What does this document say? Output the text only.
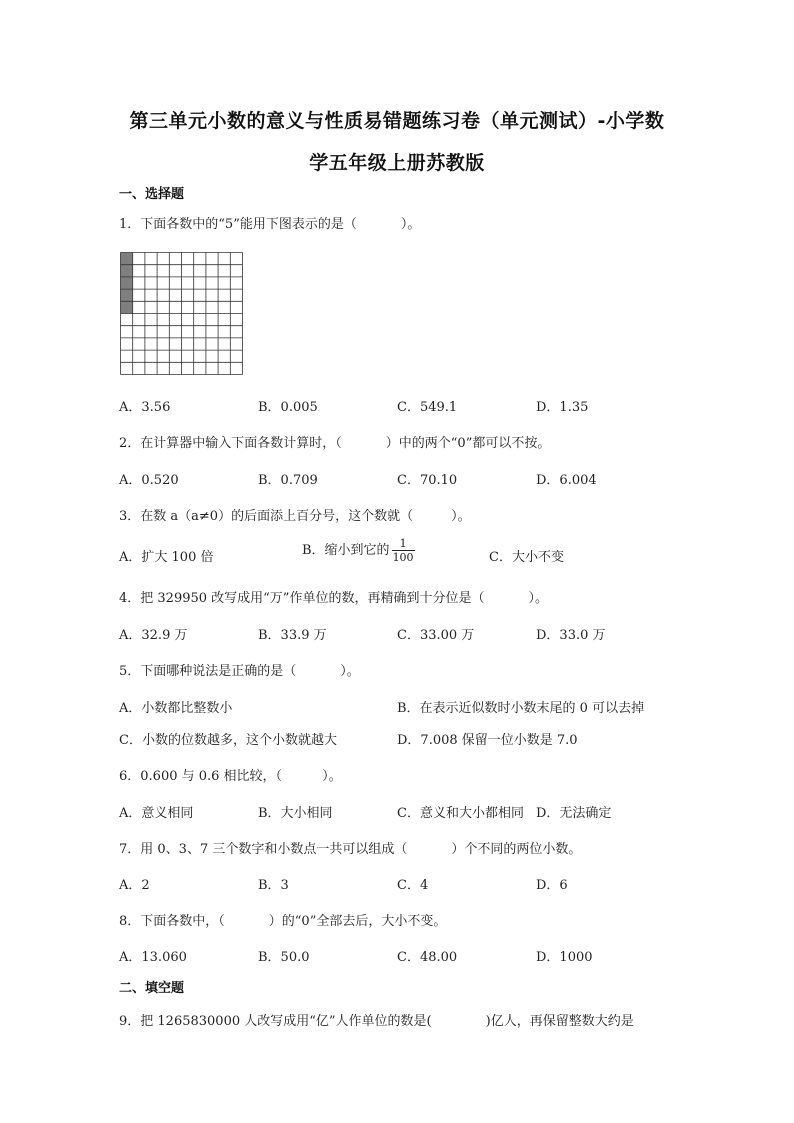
第三单元小数的意义与性质易错题练习卷（单元测试）-小学数
学五年级上册苏教版
一、选择题
1．下面各数中的“5”能用下图表示的是（	）。
A．3.56	B．0.005	C．549.1	D．1.35
2．在计算器中输入下面各数计算时，（	）中的两个“0”都可以不按。
A．0.520	B．0.709	C．70.10	D．6.004
3．在数 a（a≠0）的后面添上百分号，这个数就（	）。
A．扩大 100 倍	B．缩小到它的 $\frac{1}{100}$	C．大小不变
4．把 329950 改写成用“万”作单位的数，再精确到十分位是（	）。
A．32.9 万	B．33.9 万	C．33.00 万	D．33.0 万
5．下面哪种说法是正确的是（	）。
A．小数都比整数小	B．在表示近似数时小数末尾的 0 可以去掉
C．小数的位数越多，这个小数就越大	D．7.008 保留一位小数是 7.0
6．0.600 与 0.6 相比较，（	）。
A．意义相同	B．大小相同	C．意义和大小都相同 D．无法确定
7．用 0、3、7 三个数字和小数点一共可以组成（	）个不同的两位小数。
A．2	B．3	C．4	D．6
8．下面各数中，（	）的“0”全部去后，大小不变。
A．13.060	B．50.0	C．48.00	D．1000
二、填空题
9．把 1265830000 人改写成用“亿”人作单位的数是(	)亿人，再保留整数大约是
